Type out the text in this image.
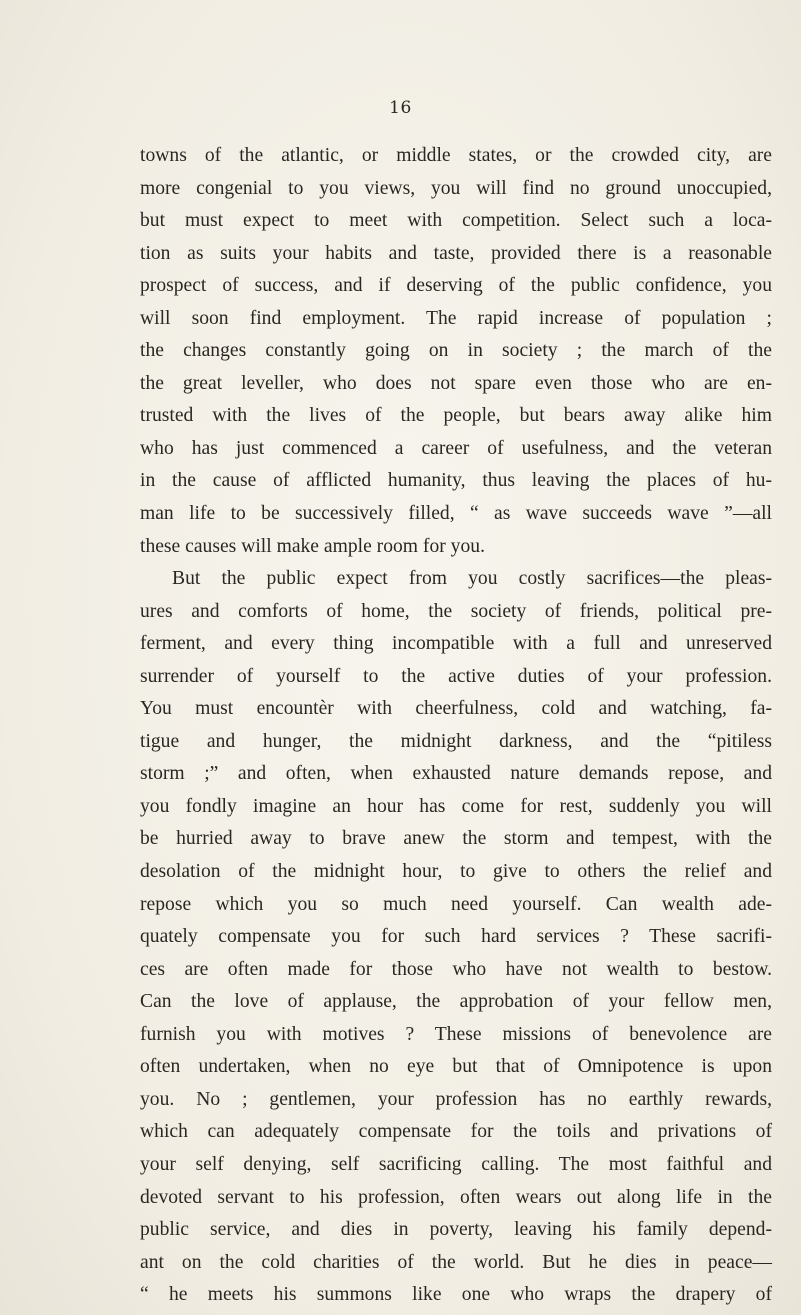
16
towns of the atlantic, or middle states, or the crowded city, are
more congenial to you views, you will find no ground unoccupied,
but must expect to meet with competition. Select such a loca-
tion as suits your habits and taste, provided there is a reasonable
prospect of success, and if deserving of the public confidence, you
will soon find employment. The rapid increase of population ;
the changes constantly going on in society ; the march of the
the great leveller, who does not spare even those who are en-
trusted with the lives of the people, but bears away alike him
who has just commenced a career of usefulness, and the veteran
in the cause of afflicted humanity, thus leaving the places of hu-
man life to be successively filled, “ as wave succeeds wave ”—all
these causes will make ample room for you.
But the public expect from you costly sacrifices—the pleas-
ures and comforts of home, the society of friends, political pre-
ferment, and every thing incompatible with a full and unreserved
surrender of yourself to the active duties of your profession.
You must encountèr with cheerfulness, cold and watching, fa-
tigue and hunger, the midnight darkness, and the “pitiless
storm ;” and often, when exhausted nature demands repose, and
you fondly imagine an hour has come for rest, suddenly you will
be hurried away to brave anew the storm and tempest, with the
desolation of the midnight hour, to give to others the relief and
repose which you so much need yourself. Can wealth ade-
quately compensate you for such hard services ? These sacrifi-
ces are often made for those who have not wealth to bestow.
Can the love of applause, the approbation of your fellow men,
furnish you with motives ? These missions of benevolence are
often undertaken, when no eye but that of Omnipotence is upon
you. No ; gentlemen, your profession has no earthly rewards,
which can adequately compensate for the toils and privations of
your self denying, self sacrificing calling. The most faithful and
devoted servant to his profession, often wears out along life in the
public service, and dies in poverty, leaving his family depend-
ant on the cold charities of the world. But he dies in peace—
“ he meets his summons like one who wraps the drapery of
